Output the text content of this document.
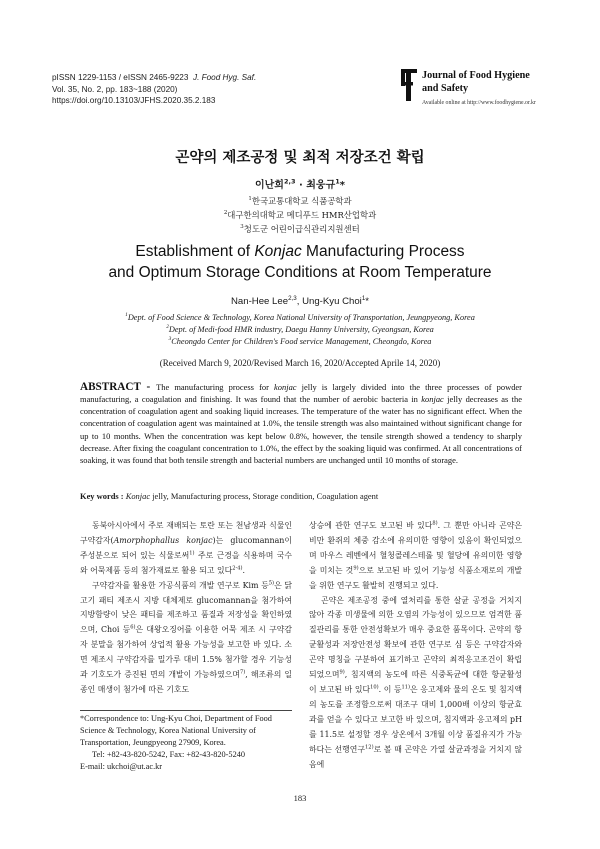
pISSN 1229-1153 / eISSN 2465-9223 J. Food Hyg. Saf.
Vol. 35, No. 2, pp. 183~188 (2020)
https://doi.org/10.13103/JFHS.2020.35.2.183
Journal of Food Hygiene
and Safety
Available online at http://www.foodhygiene.or.kr
곤약의 제조공정 및 최적 저장조건 확립
이난희$^{2,3}$ · 최웅규$^1$*
$^1$한국교통대학교 식품공학과
$^2$대구한의대학교 메디푸드 HMR산업학과
$^3$청도군 어린이급식관리지원센터
Establishment of Konjac Manufacturing Process
and Optimum Storage Conditions at Room Temperature
Nan-Hee Lee$^{2,3}$, Ung-Kyu Choi$^1$*
$^1$Dept. of Food Science & Technology, Korea National University of Transportation, Jeungpyeong, Korea
$^2$Dept. of Medi-food HMR industry, Daegu Hanny University, Gyeongsan, Korea
$^3$Cheongdo Center for Children's Food service Management, Cheongdo, Korea
(Received March 9, 2020/Revised March 16, 2020/Accepted Aprile 14, 2020)
ABSTRACT - The manufacturing process for konjac jelly is largely divided into the three processes of powder manufacturing, a coagulation and finishing. It was found that the number of aerobic bacteria in konjac jelly decreases as the concentration of coagulation agent and soaking liquid increases. The temperature of the water has no significant effect. When the concentration of coagulation agent was maintained at 1.0%, the tensile strength was also maintained without significant change for up to 10 months. When the concentration was kept below 0.8%, however, the tensile strength showed a tendency to sharply decrease. After fixing the coagulant concentration to 1.0%, the effect by the soaking liquid was confirmed. At all concentrations of soaking, it was found that both tensile strength and bacterial numbers are unchanged until 10 months of storage.
Key words : Konjac jelly, Manufacturing process, Storage condition, Coagulation agent

동북아시아에서 주로 재배되는 토란 또는 천남생과 식물인 구약감자(Amorphophallus konjac)는 glucomannan이 주성분으로 되어 있는 식물로써$^{1)}$ 주로 근경을 식용하며 국수와 어묵제품 등의 첨가재료로 활용 되고 있다$^{2-4)}$.

구약감자를 활용한 가공식품의 개발 연구로 Kim 등$^{5)}$은 닭고기 패티 제조시 지방 대체제로 glucomannan을 첨가하여 지방함량이 낮은 패티를 제조하고 품질과 저장성을 확인하였으며, Choi 등$^{6)}$은 대왕오징어를 이용한 어묵 제조 시 구약감자 분말을 첨가하여 상업적 활용 가능성을 보고한 바 있다. 소면 제조시 구약감자를 밀가루 대비 1.5% 첨가할 경우 기능성과 기호도가 증진된 면의 개발이 가능하였으며$^{7)}$, 해조류의 일종인 매생이 첨가에 따른 기호도

상승에 관한 연구도 보고된 바 있다$^{8)}$. 그 뿐만 아니라 곤약은 비만 환쥐의 체중 감소에 유의미한 영향이 있음이 확인되었으며 마우스 레벤에서 혈청콜레스테롤 및 혈당에 유의미한 영향을 미치는 것$^{9)}$으로 보고된 바 있어 기능성 식품소재로의 개발을 위한 연구도 활발히 진행되고 있다.

곤약은 제조공정 중에 열처리를 통한 살균 공정을 거치지 않아 각종 미생물에 의한 오염의 가능성이 있으므로 엄격한 품질관리를 통한 안전성확보가 매우 중요한 품목이다. 곤약의 항균활성과 저장안전성 확보에 관한 연구로 심 등은 구약감자와 곤약 명칭을 구분하여 표기하고 곤약의 최적응고조건이 확립되었으며$^{9)}$, 침지액의 농도에 따른 식중독균에 대한 항균활성이 보고된 바 있다$^{10)}$. 이 등$^{11)}$은 응고제와 물의 온도 및 침지액의 농도를 조정함으로써 대조구 대비 1,000배 이상의 항균효과를 얻을 수 있다고 보고한 바 있으며, 침지액과 응고제의 pH를 11.5로 설정할 경우 상온에서 3개월 이상 품질유지가 가능하다는 선행연구$^{12)}$로 볼 때 곤약은 가열 살균과정을 거치지 않음에

*Correspondence to: Ung-Kyu Choi, Department of Food Science & Technology, Korea National University of Transportation, Jeungpyeong 27909, Korea.
Tel: +82-43-820-5242, Fax: +82-43-820-5240
E-mail: ukchoi@ut.ac.kr
183
